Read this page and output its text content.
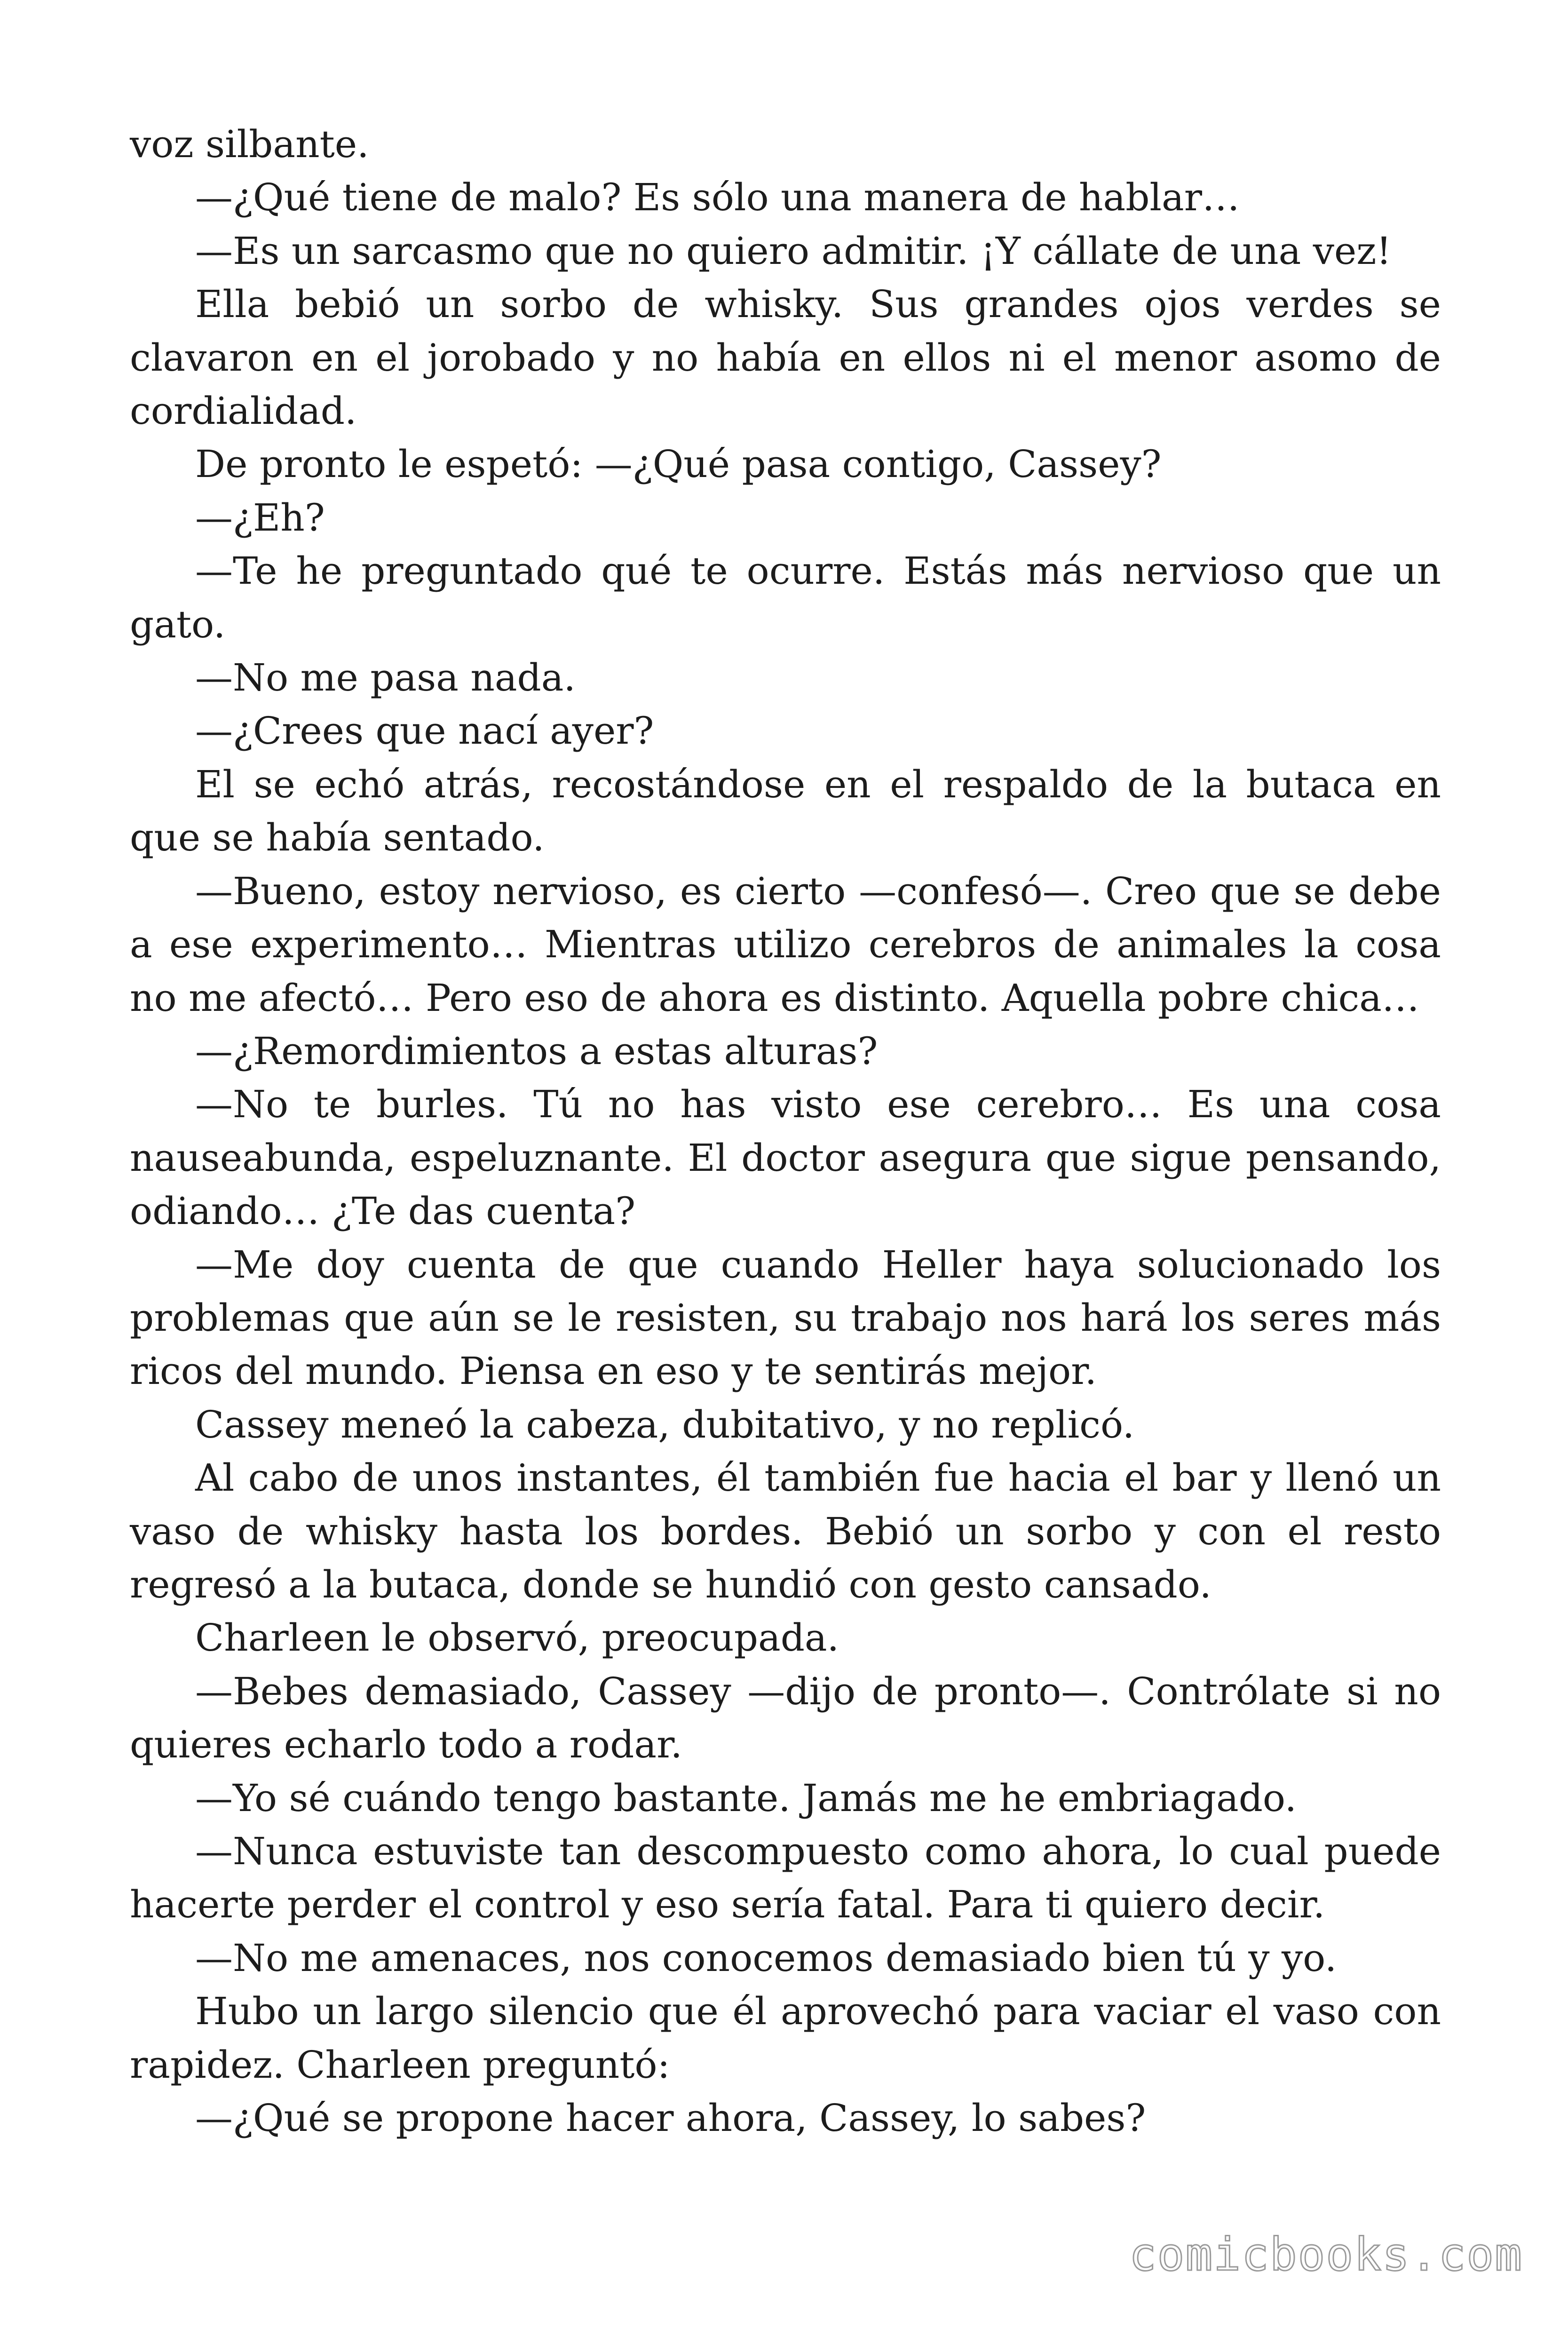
voz silbante.

—¿Qué tiene de malo? Es sólo una manera de hablar…

—Es un sarcasmo que no quiero admitir. ¡Y cállate de una vez!

Ella bebió un sorbo de whisky. Sus grandes ojos verdes se clavaron en el jorobado y no había en ellos ni el menor asomo de cordialidad.

De pronto le espetó: —¿Qué pasa contigo, Cassey?

—¿Eh?

—Te he preguntado qué te ocurre. Estás más nervioso que un gato.

—No me pasa nada.

—¿Crees que nací ayer?

El se echó atrás, recostándose en el respaldo de la butaca en que se había sentado.

—Bueno, estoy nervioso, es cierto —confesó—. Creo que se debe a ese experimento… Mientras utilizo cerebros de animales la cosa no me afectó… Pero eso de ahora es distinto. Aquella pobre chica…

—¿Remordimientos a estas alturas?

—No te burles. Tú no has visto ese cerebro… Es una cosa nauseabunda, espeluznante. El doctor asegura que sigue pensando, odiando… ¿Te das cuenta?

—Me doy cuenta de que cuando Heller haya solucionado los problemas que aún se le resisten, su trabajo nos hará los seres más ricos del mundo. Piensa en eso y te sentirás mejor.

Cassey meneó la cabeza, dubitativo, y no replicó.

Al cabo de unos instantes, él también fue hacia el bar y llenó un vaso de whisky hasta los bordes. Bebió un sorbo y con el resto regresó a la butaca, donde se hundió con gesto cansado.

Charleen le observó, preocupada.

—Bebes demasiado, Cassey —dijo de pronto—. Contrólate si no quieres echarlo todo a rodar.

—Yo sé cuándo tengo bastante. Jamás me he embriagado.

—Nunca estuviste tan descompuesto como ahora, lo cual puede hacerte perder el control y eso sería fatal. Para ti quiero decir.

—No me amenaces, nos conocemos demasiado bien tú y yo.

Hubo un largo silencio que él aprovechó para vaciar el vaso con rapidez. Charleen preguntó:

—¿Qué se propone hacer ahora, Cassey, lo sabes?

comicbooks.com
